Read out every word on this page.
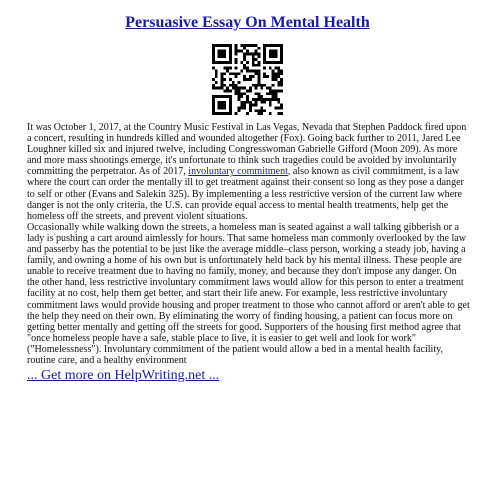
Persuasive Essay On Mental Health

It was October 1, 2017, at the Country Music Festival in Las Vegas, Nevada that Stephen Paddock fired upon a concert, resulting in hundreds killed and wounded altogether (Fox). Going back further to 2011, Jared Lee Loughner killed six and injured twelve, including Congresswoman Gabrielle Gifford (Moon 209). As more and more mass shootings emerge, it's unfortunate to think such tragedies could be avoided by involuntarily committing the perpetrator. As of 2017, involuntary commitment, also known as civil commitment, is a law where the court can order the mentally ill to get treatment against their consent so long as they pose a danger to self or other (Evans and Salekin 325). By implementing a less restrictive version of the current law where danger is not the only criteria, the U.S. can provide equal access to mental health treatments, help get the homeless off the streets, and prevent violent situations.

Occasionally while walking down the streets, a homeless man is seated against a wall talking gibberish or a lady is pushing a cart around aimlessly for hours. That same homeless man commonly overlooked by the law and passerby has the potential to be just like the average middle–class person, working a steady job, having a family, and owning a home of his own but is unfortunately held back by his mental illness. These people are unable to receive treatment due to having no family, money, and because they don't impose any danger. On the other hand, less restrictive involuntary commitment laws would allow for this person to enter a treatment facility at no cost, help them get better, and start their life anew. For example, less restrictive involuntary commitment laws would provide housing and proper treatment to those who cannot afford or aren't able to get the help they need on their own. By eliminating the worry of finding housing, a patient can focus more on getting better mentally and getting off the streets for good. Supporters of the housing first method agree that "once homeless people have a safe, stable place to live, it is easier to get well and look for work" ("Homelessness"). Involuntary commitment of the patient would allow a bed in a mental health facility, routine care, and a healthy environment

... Get more on HelpWriting.net ...
